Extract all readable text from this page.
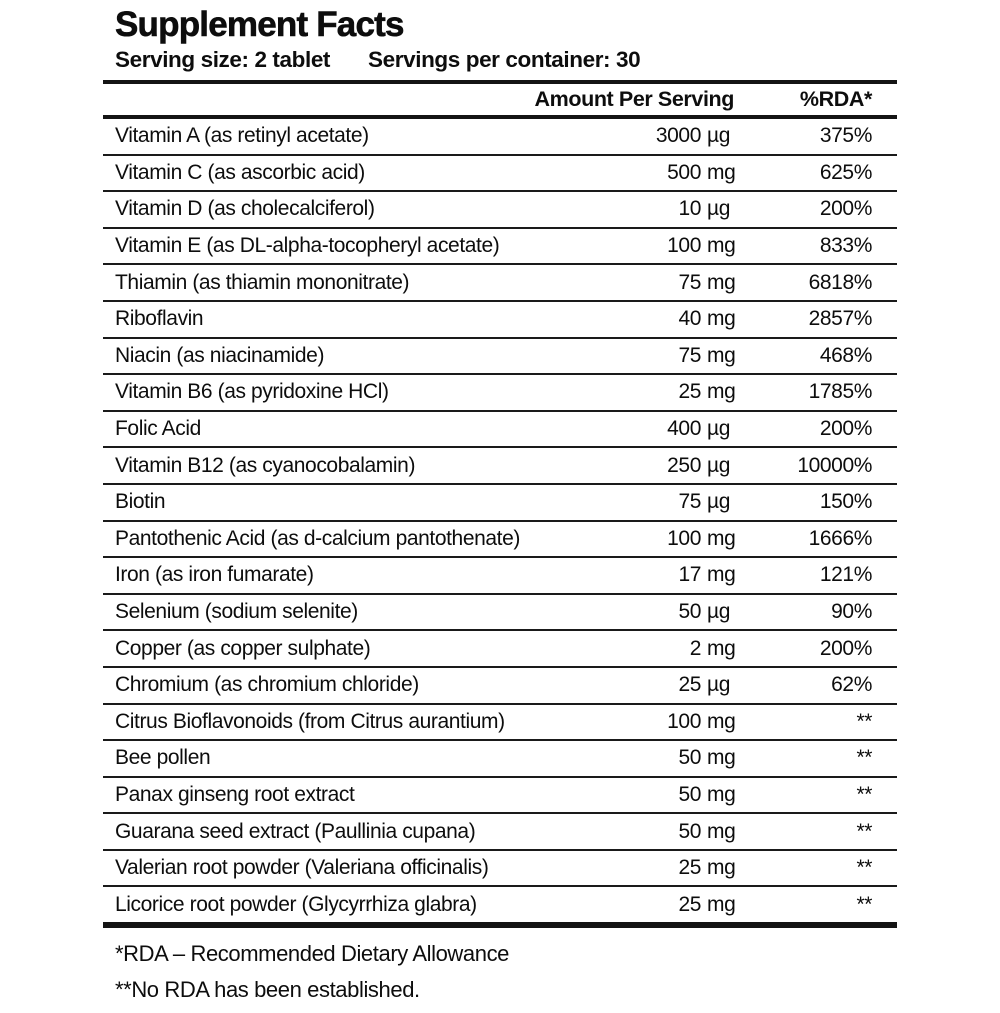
Supplement Facts
Serving size: 2 tablet Servings per container: 30
Amount Per Serving	%RDA*
Vitamin A (as retinyl acetate)	3000 µg	375%
Vitamin C (as ascorbic acid)	500 mg	625%
Vitamin D (as cholecalciferol)	10 µg	200%
Vitamin E (as DL-alpha-tocopheryl acetate)	100 mg	833%
Thiamin (as thiamin mononitrate)	75 mg	6818%
Riboflavin	40 mg	2857%
Niacin (as niacinamide)	75 mg	468%
Vitamin B6 (as pyridoxine HCl)	25 mg	1785%
Folic Acid	400 µg	200%
Vitamin B12 (as cyanocobalamin)	250 µg	10000%
Biotin	75 µg	150%
Pantothenic Acid (as d-calcium pantothenate)	100 mg	1666%
Iron (as iron fumarate)	17 mg	121%
Selenium (sodium selenite)	50 µg	90%
Copper (as copper sulphate)	2 mg	200%
Chromium (as chromium chloride)	25 µg	62%
Citrus Bioflavonoids (from Citrus aurantium)	100 mg	**
Bee pollen	50 mg	**
Panax ginseng root extract	50 mg	**
Guarana seed extract (Paullinia cupana)	50 mg	**
Valerian root powder (Valeriana officinalis)	25 mg	**
Licorice root powder (Glycyrrhiza glabra)	25 mg	**
*RDA – Recommended Dietary Allowance
**No RDA has been established.
